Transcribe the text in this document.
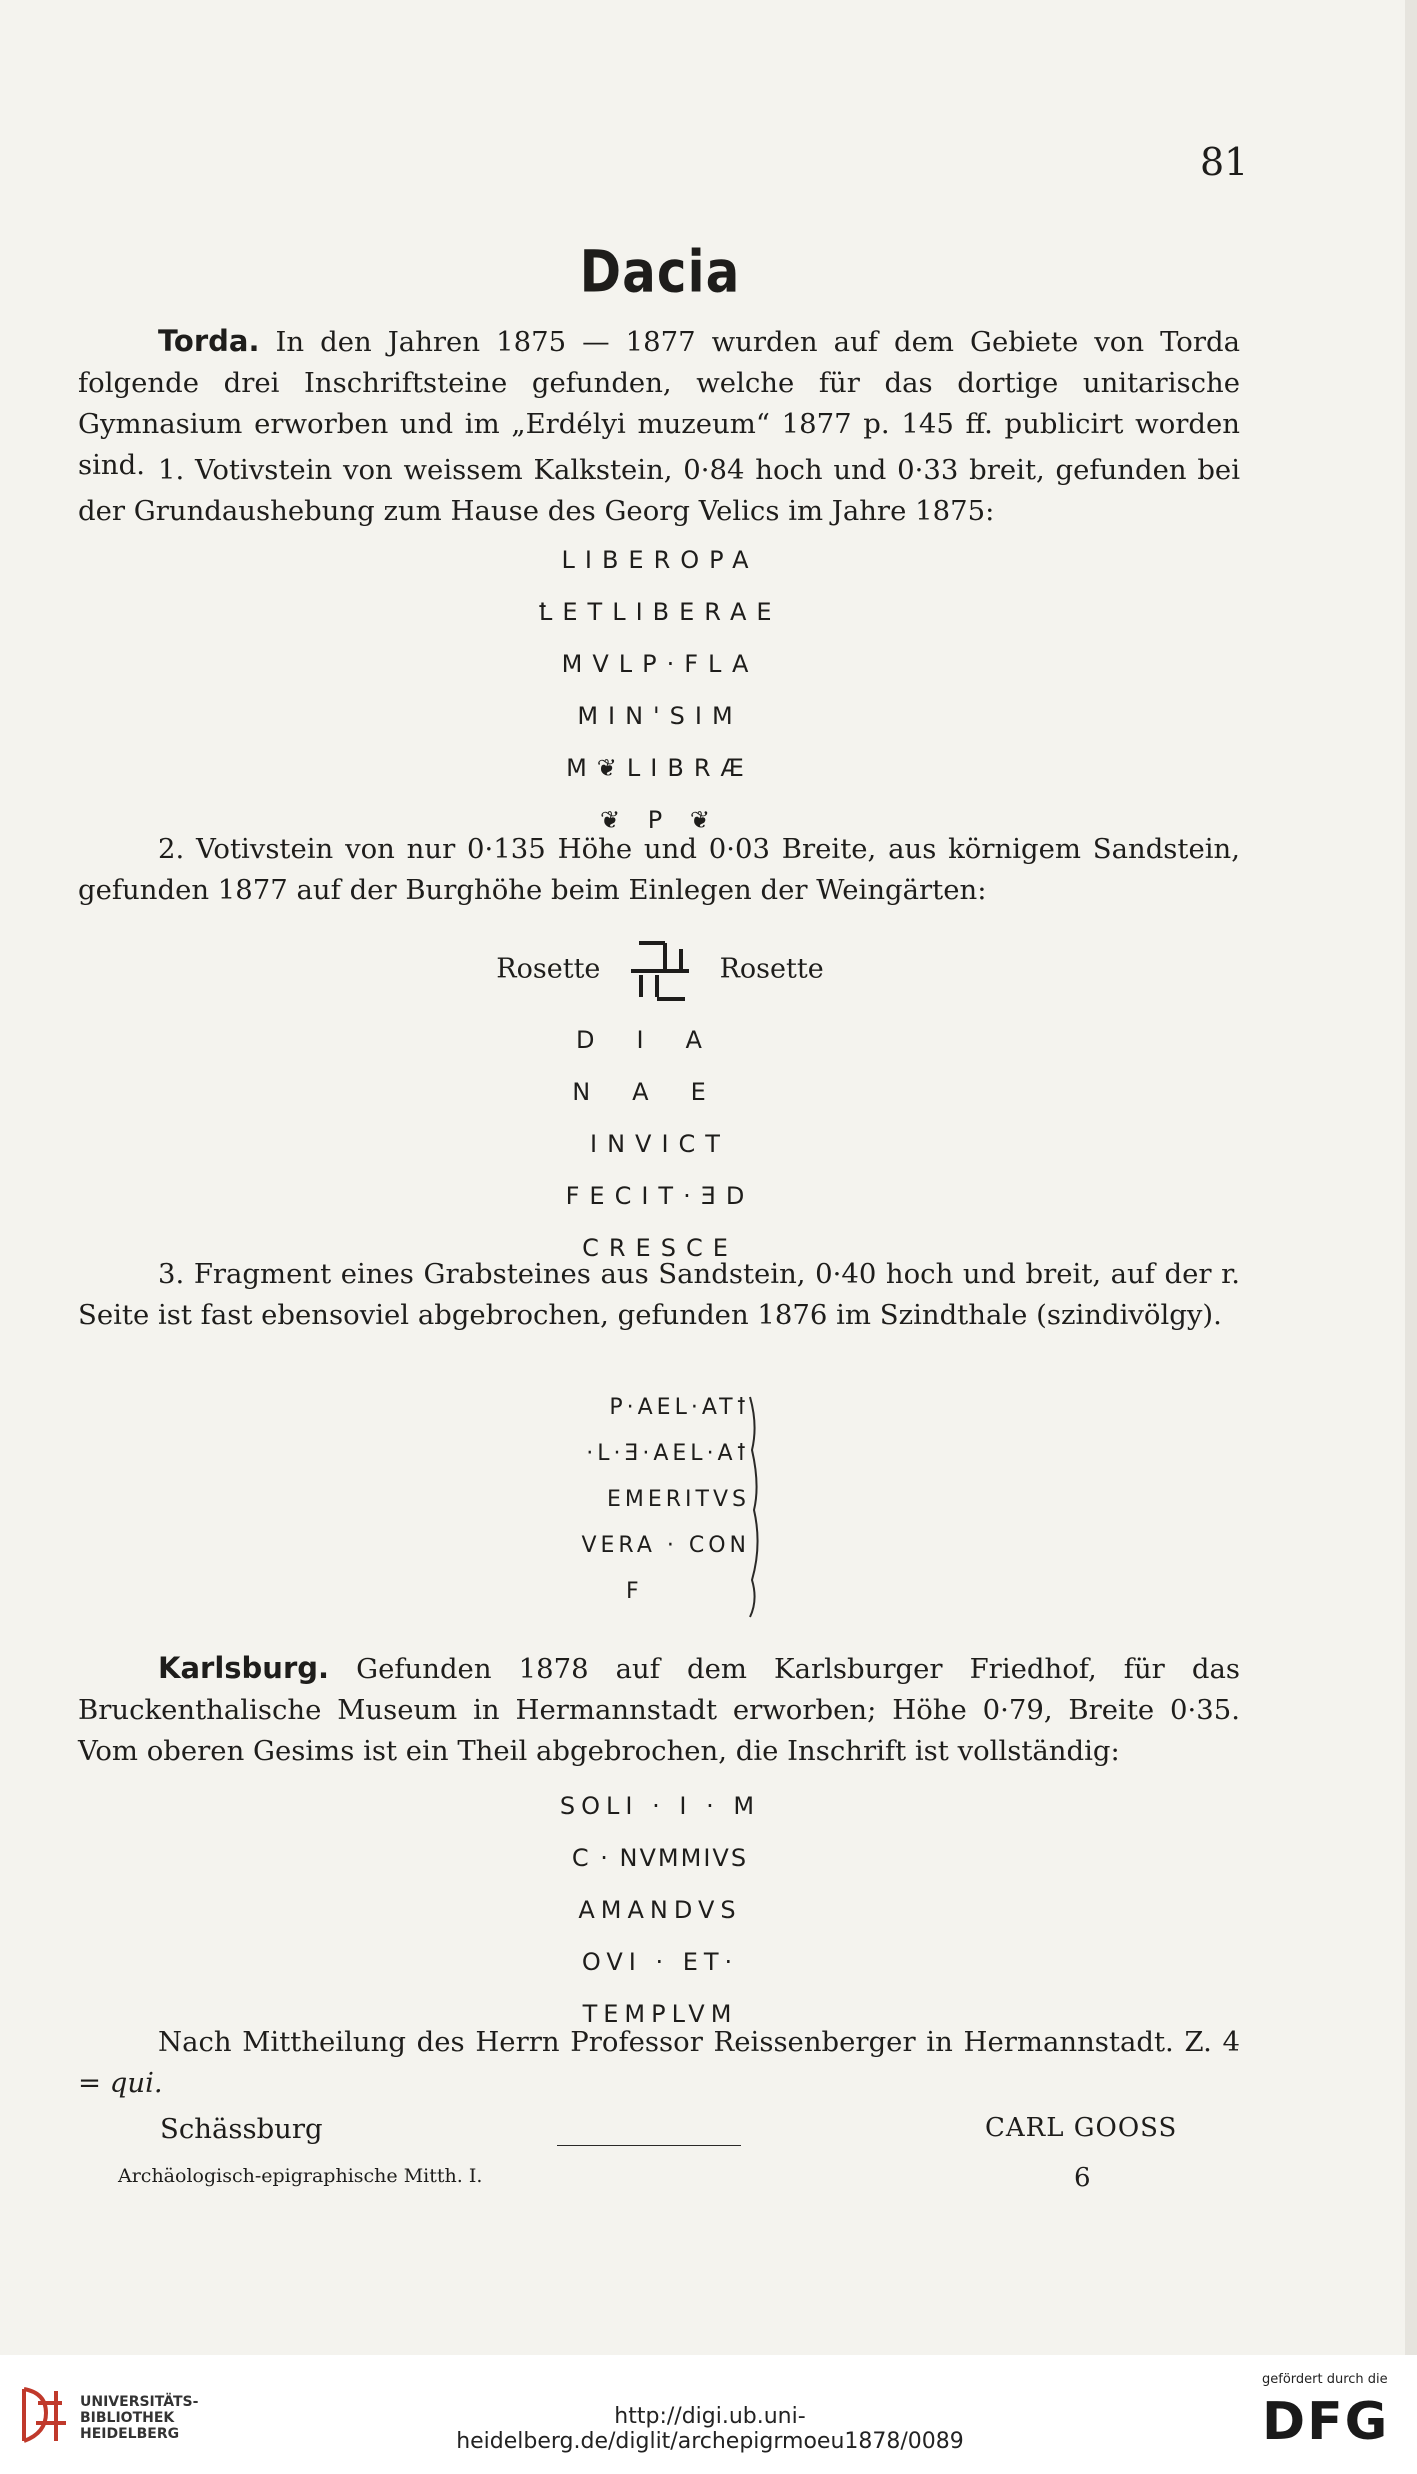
81
Dacia
Torda. In den Jahren 1875 — 1877 wurden auf dem Gebiete von Torda folgende drei Inschriftsteine gefunden, welche für das dortige unitarische Gymnasium erworben und im „Erdélyi muzeum“ 1877 p. 145 ff. publicirt worden sind. 1. Votivstein von weissem Kalkstein, 0·84 hoch und 0·33 breit, gefunden bei der Grundaushebung zum Hause des Georg Velics im Jahre 1875:
LIBEROPA
ꝈETLIBERAE
MVLP·FLA
MIN'SIM
M❦LIBRÆ
❦ P ❦
2. Votivstein von nur 0·135 Höhe und 0·03 Breite, aus körnigem Sandstein, gefunden 1877 auf der Burghöhe beim Einlegen der Weingärten:
Rosette	Rosette
DIA
NAE
INVICT
FECIT·ƎD
CRESCE
3. Fragment eines Grabsteines aus Sandstein, 0·40 hoch und breit, auf der r. Seite ist fast ebensoviel abgebrochen, gefunden 1876 im Szindthale (szindivölgy).
P·AEL·ATꝉ
·L·Ǝ·AEL·Aꝉ
EMERITVS
VERA · CON
F
Karlsburg. Gefunden 1878 auf dem Karlsburger Friedhof, für das Bruckenthalische Museum in Hermannstadt erworben; Höhe 0·79, Breite 0·35. Vom oberen Gesims ist ein Theil abgebrochen, die Inschrift ist vollständig:
SOLI · I · M
C · NVMMIVS
AMANDVS
OVI · ET·
TEMPLVM
Nach Mittheilung des Herrn Professor Reissenberger in Hermannstadt. Z. 4 = qui.
Schässburg	CARL GOOSS
Archäologisch-epigraphische Mitth. I.	6
UNIVERSITÄTS-
BIBLIOTHEK
HEIDELBERG
http://digi.ub.uni-heidelberg.de/diglit/archepigrmoeu1878/0089
gefördert durch die
DFG
